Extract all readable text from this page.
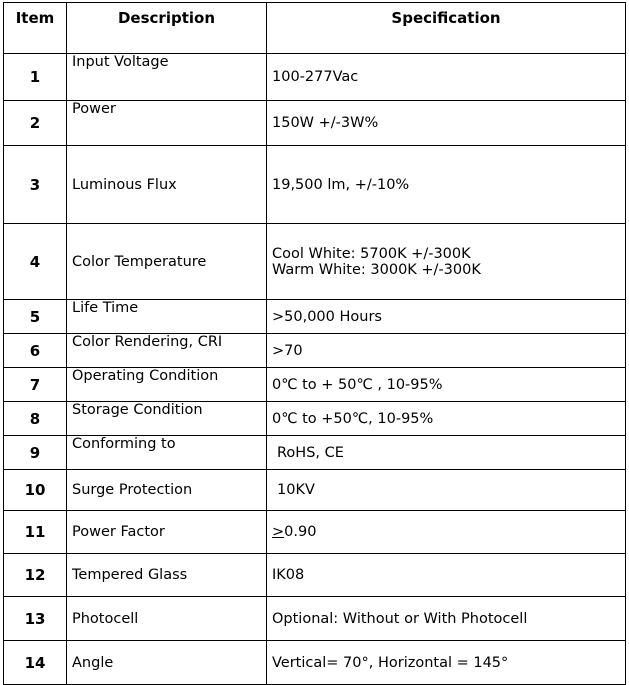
Item	Description	Specification
1	Input Voltage	100-277Vac
2	Power	150W +/-3W%
3	Luminous Flux	19,500 lm, +/-10%
4	Color Temperature	Cool White: 5700K +/-300K
Warm White: 3000K +/-300K

5	Life Time	>50,000 Hours
6	Color Rendering, CRI	>70
7	Operating Condition	0℃ to + 50℃ , 10-95%
8	Storage Condition	0℃ to +50℃, 10-95%
9	Conforming to	RoHS, CE
10	Surge Protection	10KV
11	Power Factor	≥0.90
12	Tempered Glass	IK08
13	Photocell	Optional: Without or With Photocell
14	Angle	Vertical= 70°, Horizontal = 145°
